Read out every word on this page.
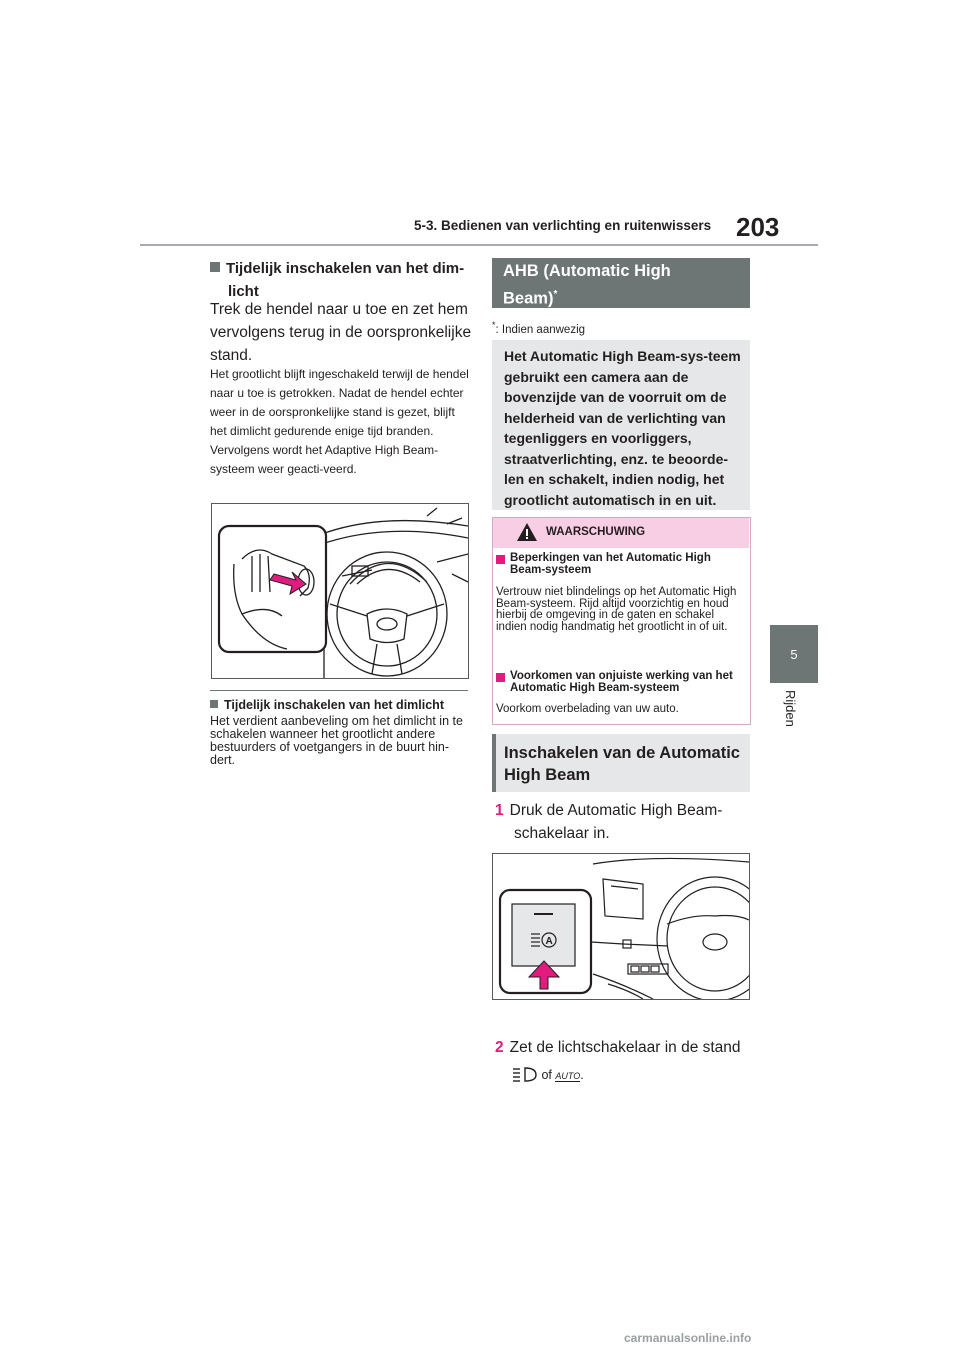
5-3. Bedienen van verlichting en ruitenwissers 203
5
Rijden
Tijdelijk inschakelen van het dim-
licht
Trek de hendel naar u toe en zet hem vervolgens terug in de oorspronkelijke stand.
Het grootlicht blijft ingeschakeld terwijl de hendel naar u toe is getrokken. Nadat de hendel echter weer in de oorspronkelijke stand is gezet, blijft het dimlicht gedurende enige tijd branden. Vervolgens wordt het Adaptive High Beam-systeem weer geacti-veerd.
Tijdelijk inschakelen van het dimlicht
Het verdient aanbeveling om het dimlicht in te schakelen wanneer het grootlicht andere bestuurders of voetgangers in de buurt hin-dert.
AHB (Automatic High
Beam)*
*: Indien aanwezig
Het Automatic High Beam-sys-teem gebruikt een camera aan de bovenzijde van de voorruit om de helderheid van de verlichting van tegenliggers en voorliggers, straatverlichting, enz. te beoorde-len en schakelt, indien nodig, het grootlicht automatisch in en uit.
WAARSCHUWING
Beperkingen van het Automatic High Beam-systeem
Vertrouw niet blindelings op het Automatic High Beam-systeem. Rijd altijd voorzichtig en houd hierbij de omgeving in de gaten en schakel indien nodig handmatig het grootlicht in of uit.
Voorkomen van onjuiste werking van het Automatic High Beam-systeem
Voorkom overbelading van uw auto.
Inschakelen van de Automatic
High Beam
1 Druk de Automatic High Beam-
schakelaar in.
A
2 Zet de lichtschakelaar in de stand
of AUTO.
carmanualsonline.info
